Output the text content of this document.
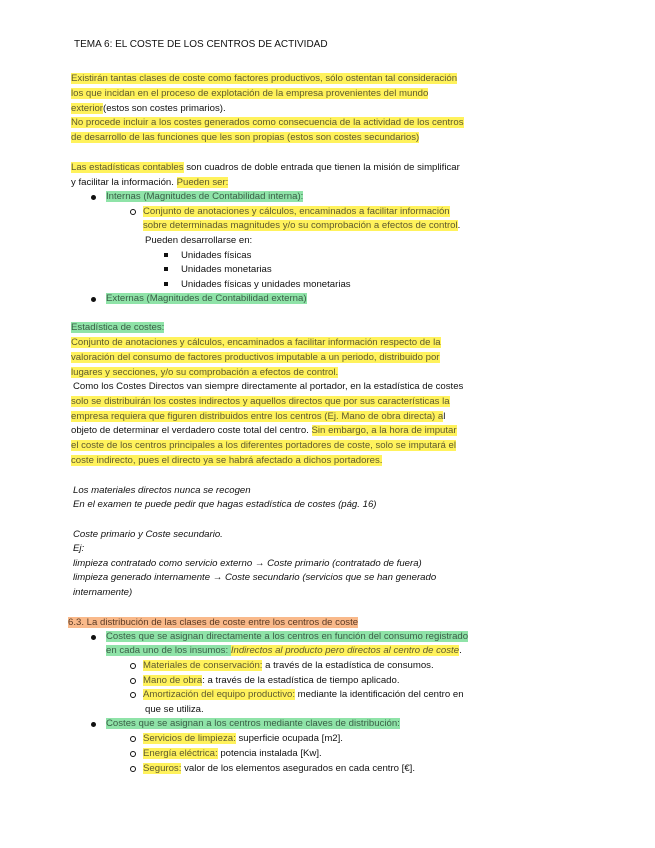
TEMA 6: EL COSTE DE LOS CENTROS DE ACTIVIDAD
Existirán tantas clases de coste como factores productivos, sólo ostentan tal consideración
los que incidan en el proceso de explotación de la empresa provenientes del mundo
exterior(estos son costes primarios).
No procede incluir a los costes generados como consecuencia de la actividad de los centros
de desarrollo de las funciones que les son propias (estos son costes secundarios)
Las estadísticas contables son cuadros de doble entrada que tienen la misión de simplificar
y facilitar la información. Pueden ser:
Internas (Magnitudes de Contabilidad interna):
Conjunto de anotaciones y cálculos, encaminados a facilitar información
sobre determinadas magnitudes y/o su comprobación a efectos de control.
Pueden desarrollarse en:
Unidades físicas
Unidades monetarias
Unidades físicas y unidades monetarias
Externas (Magnitudes de Contabilidad externa)
Estadística de costes:
Conjunto de anotaciones y cálculos, encaminados a facilitar información respecto de la
valoración del consumo de factores productivos imputable a un periodo, distribuido por
lugares y secciones, y/o su comprobación a efectos de control.
Como los Costes Directos van siempre directamente al portador, en la estadística de costes
solo se distribuirán los costes indirectos y aquellos directos que por sus características la
empresa requiera que figuren distribuidos entre los centros (Ej. Mano de obra directa) al
objeto de determinar el verdadero coste total del centro. Sin embargo, a la hora de imputar
el coste de los centros principales a los diferentes portadores de coste, solo se imputará el
coste indirecto, pues el directo ya se habrá afectado a dichos portadores.
Los materiales directos nunca se recogen
En el examen te puede pedir que hagas estadística de costes (pág. 16)
Coste primario y Coste secundario.
Ej:
limpieza contratado como servicio externo → Coste primario (contratado de fuera)
limpieza generado internamente → Coste secundario (servicios que se han generado
internamente)
6.3. La distribución de las clases de coste entre los centros de coste
Costes que se asignan directamente a los centros en función del consumo registrado
en cada uno de los insumos: Indirectos al producto pero directos al centro de coste.
Materiales de conservación: a través de la estadística de consumos.
Mano de obra: a través de la estadística de tiempo aplicado.
Amortización del equipo productivo: mediante la identificación del centro en
que se utiliza.
Costes que se asignan a los centros mediante claves de distribución:
Servicios de limpieza: superficie ocupada [m2].
Energía eléctrica: potencia instalada [Kw].
Seguros: valor de los elementos asegurados en cada centro [€].
